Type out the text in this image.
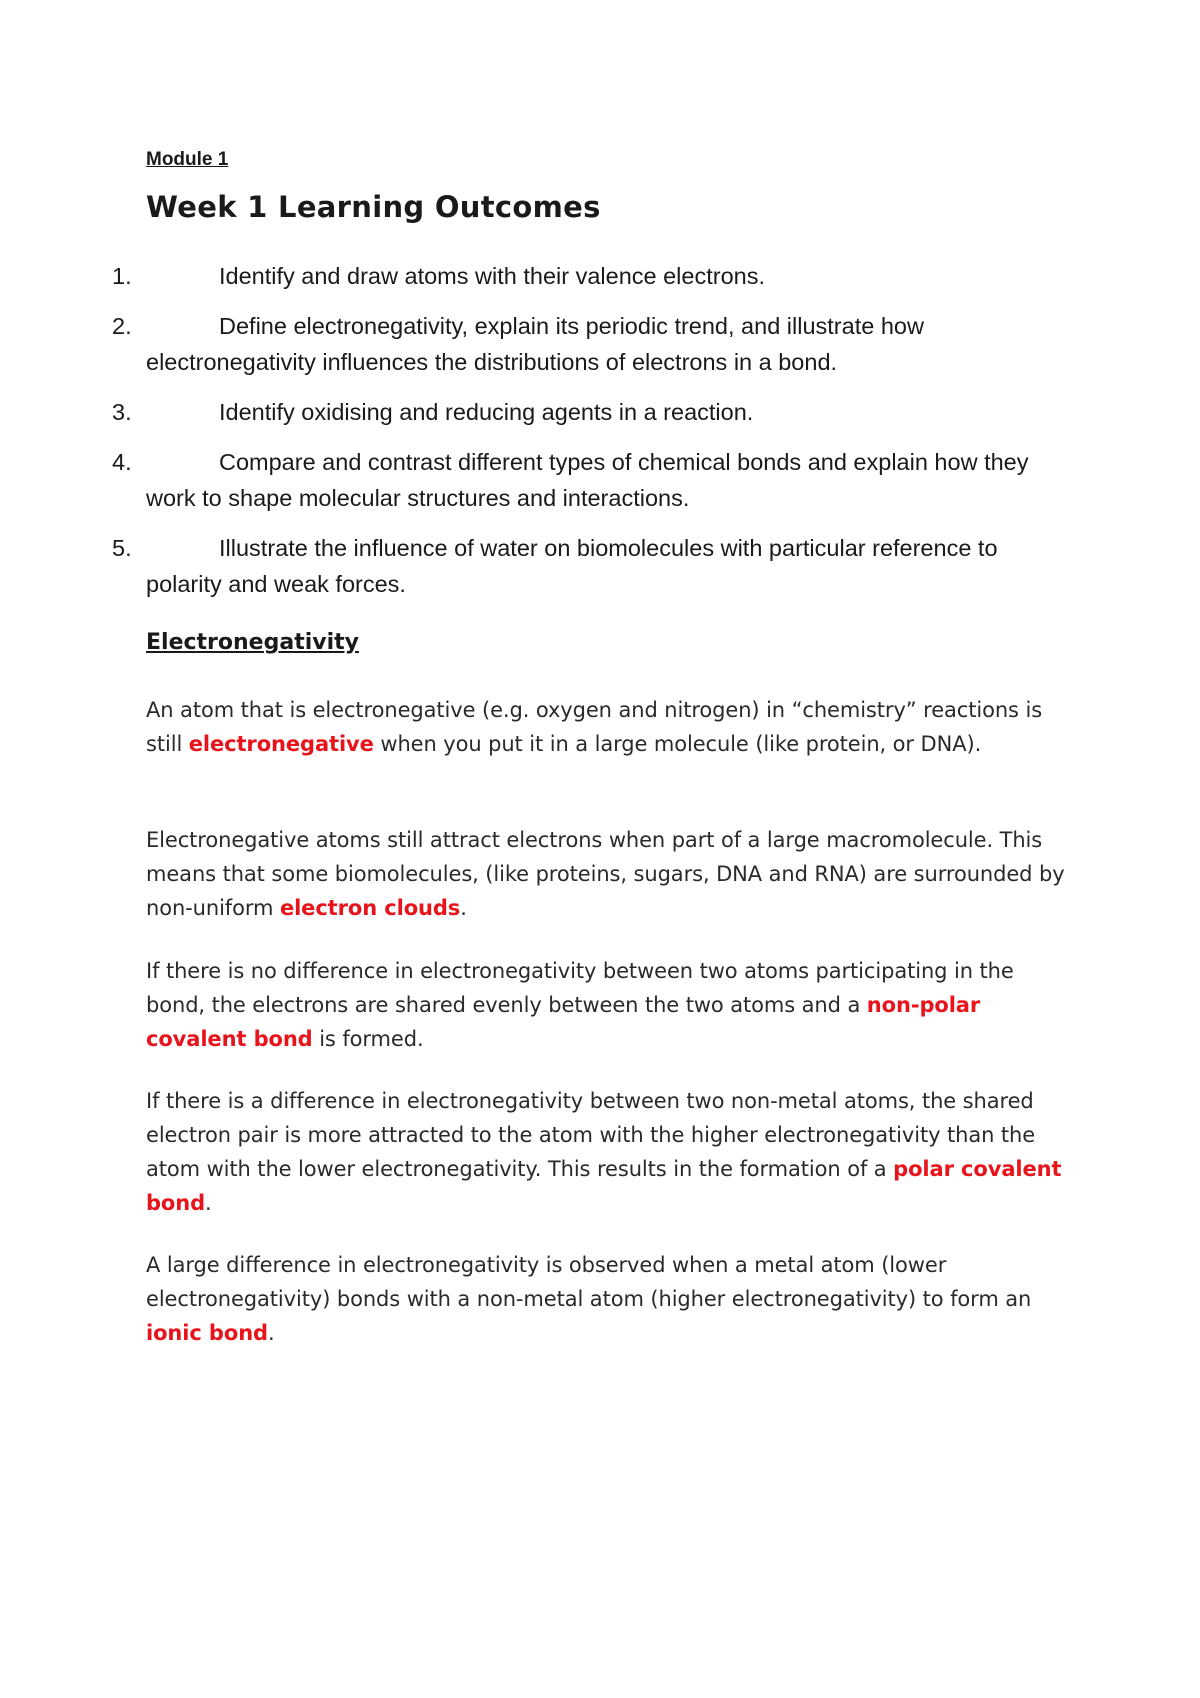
Module 1
Week 1 Learning Outcomes
1.	Identify and draw atoms with their valence electrons.
2.	Define electronegativity, explain its periodic trend, and illustrate how electronegativity influences the distributions of electrons in a bond.
3.	Identify oxidising and reducing agents in a reaction.
4.	Compare and contrast different types of chemical bonds and explain how they work to shape molecular structures and interactions.
5.	Illustrate the influence of water on biomolecules with particular reference to polarity and weak forces.
Electronegativity

An atom that is electronegative (e.g. oxygen and nitrogen) in “chemistry” reactions is still electronegative when you put it in a large molecule (like protein, or DNA).

Electronegative atoms still attract electrons when part of a large macromolecule. This means that some biomolecules, (like proteins, sugars, DNA and RNA) are surrounded by non-uniform electron clouds.

If there is no difference in electronegativity between two atoms participating in the bond, the electrons are shared evenly between the two atoms and a non-polar covalent bond is formed.

If there is a difference in electronegativity between two non-metal atoms, the shared electron pair is more attracted to the atom with the higher electronegativity than the atom with the lower electronegativity. This results in the formation of a polar covalent bond.

A large difference in electronegativity is observed when a metal atom (lower electronegativity) bonds with a non-metal atom (higher electronegativity) to form an ionic bond.
